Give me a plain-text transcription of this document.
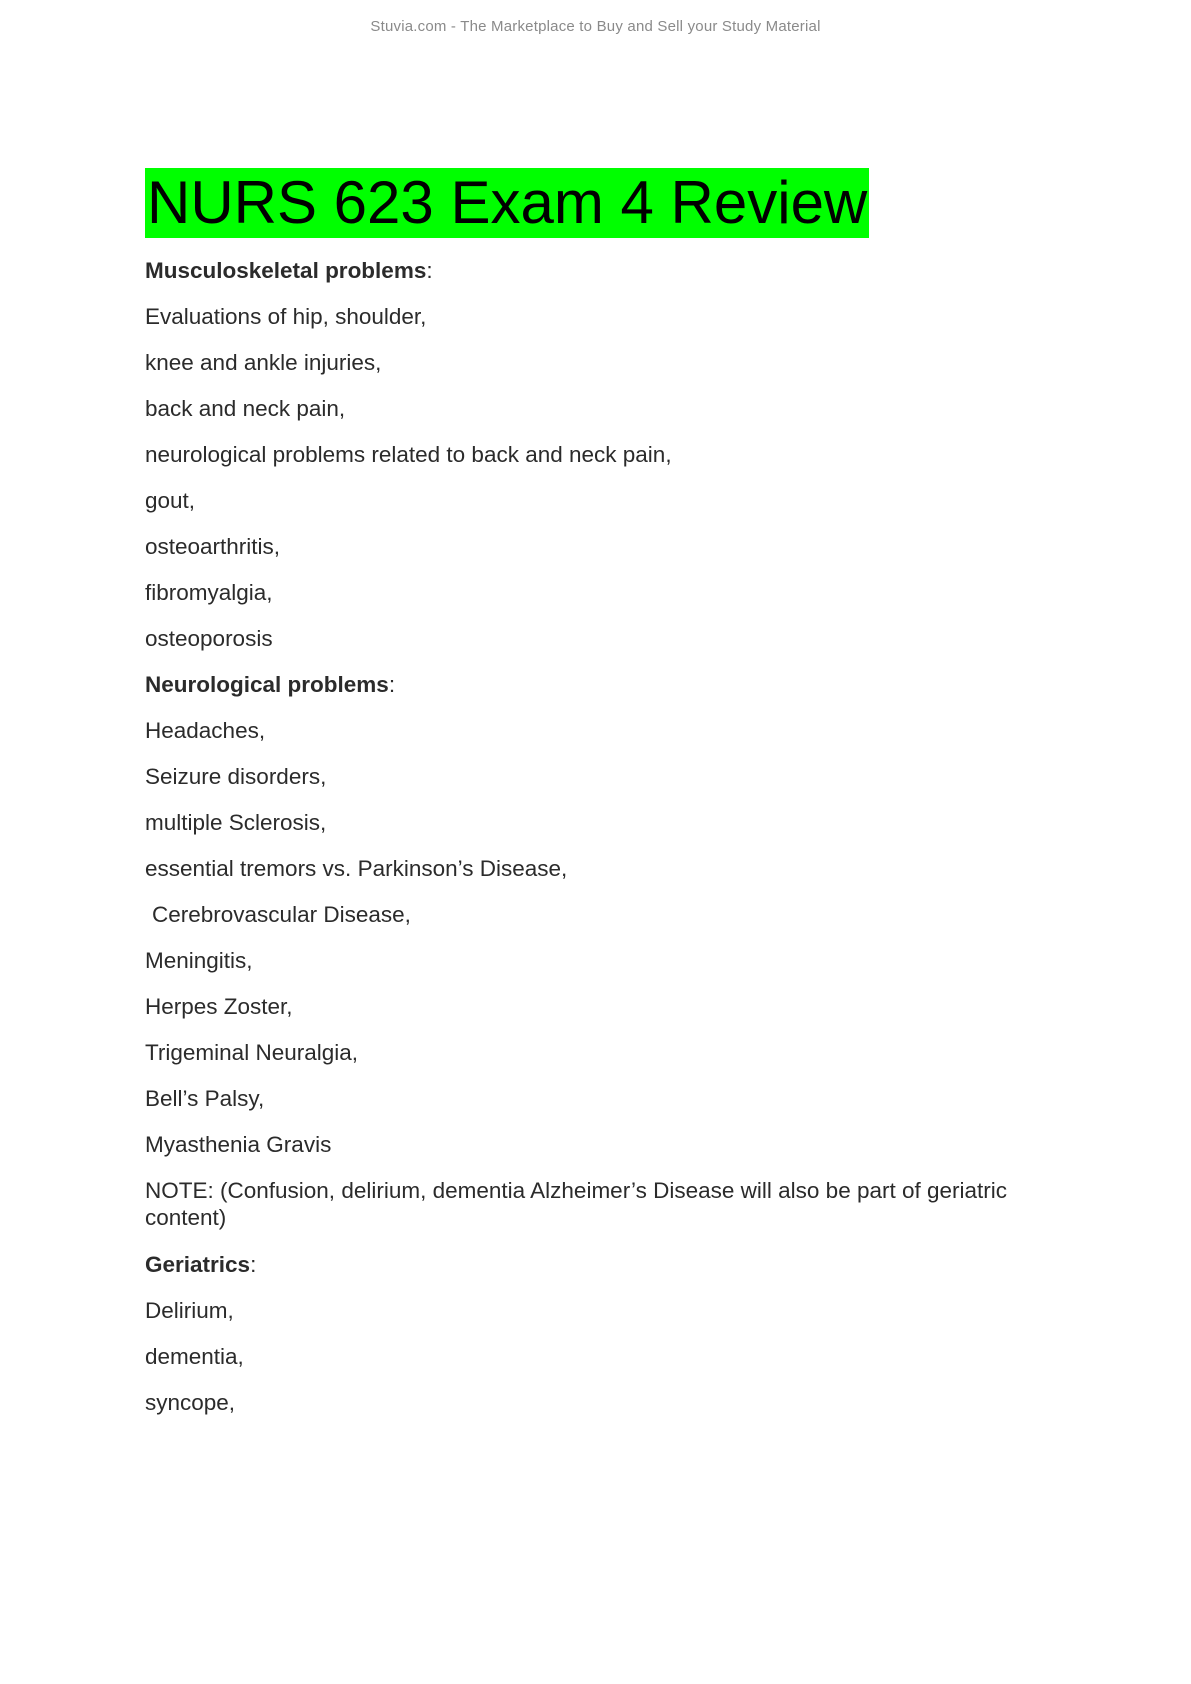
Stuvia.com - The Marketplace to Buy and Sell your Study Material
NURS 623 Exam 4 Review
Musculoskeletal problems:
Evaluations of hip, shoulder,
knee and ankle injuries,
back and neck pain,
neurological problems related to back and neck pain,
gout,
osteoarthritis,
fibromyalgia,
osteoporosis
Neurological problems:
Headaches,
Seizure disorders,
multiple Sclerosis,
essential tremors vs. Parkinson’s Disease,
Cerebrovascular Disease,
Meningitis,
Herpes Zoster,
Trigeminal Neuralgia,
Bell’s Palsy,
Myasthenia Gravis
NOTE: (Confusion, delirium, dementia Alzheimer’s Disease will also be part of geriatric content)
Geriatrics:
Delirium,
dementia,
syncope,
